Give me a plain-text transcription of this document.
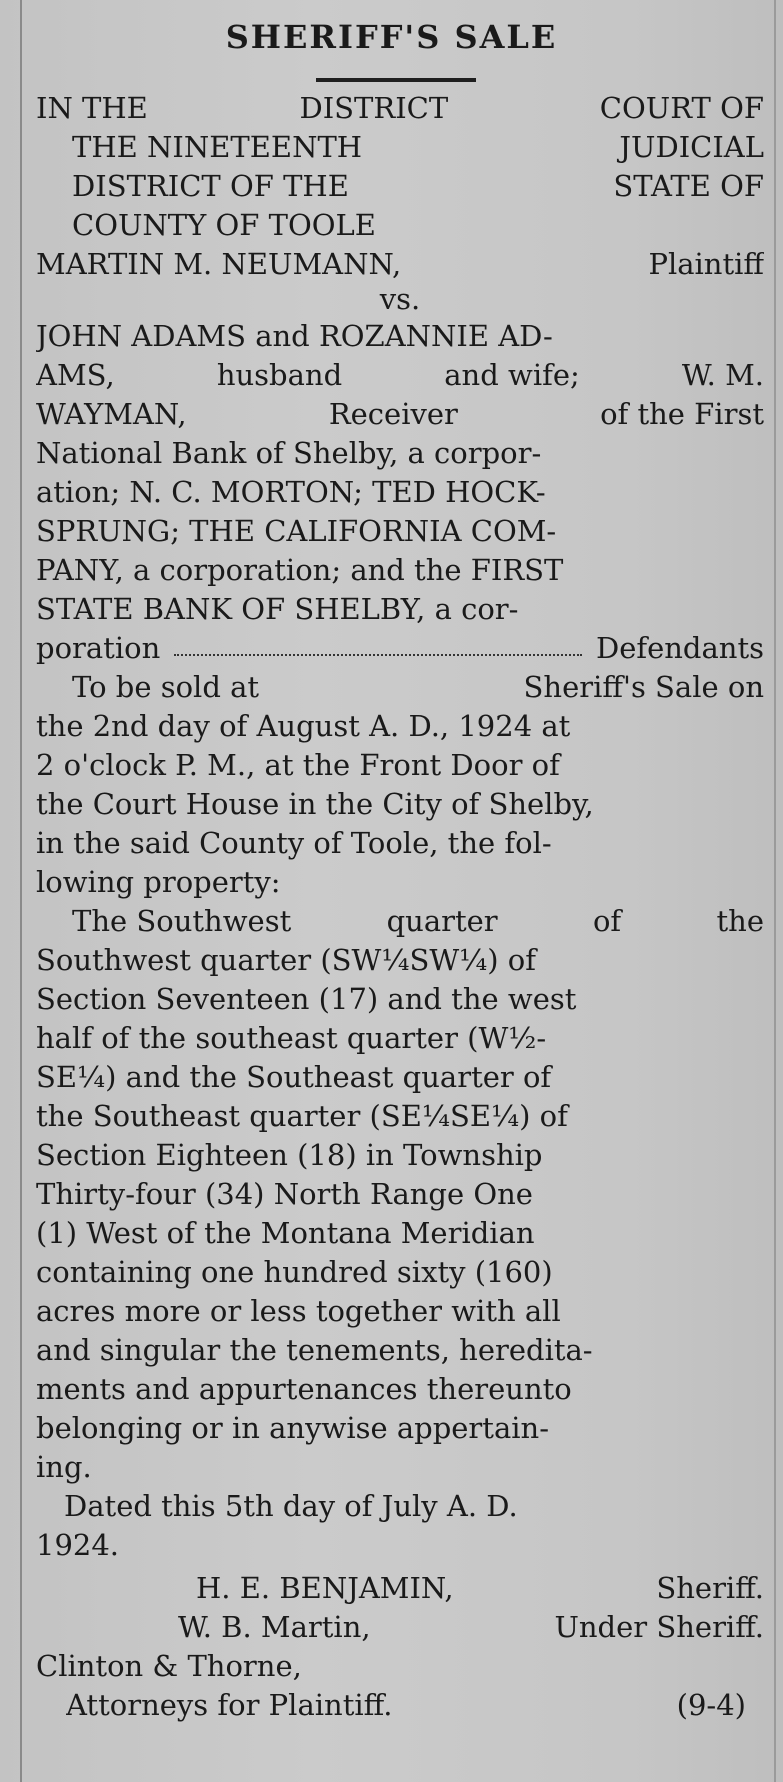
SHERIFF'S SALE
IN THE	DISTRICT	COURT OF
THE NINETEENTH	JUDICIAL
DISTRICT OF THE	STATE OF
COUNTY OF TOOLE
MARTIN M. NEUMANN,	Plaintiff
vs.
JOHN ADAMS and ROZANNIE AD-
AMS,	husband	and wife;	W. M.
WAYMAN,	Receiver	of the First
National Bank of Shelby, a corpor-
ation; N. C. MORTON; TED HOCK-
SPRUNG; THE CALIFORNIA COM-
PANY, a corporation; and the FIRST
STATE BANK OF SHELBY, a cor-
poration	Defendants
To be sold at	Sheriff's Sale on
the 2nd day of August A. D., 1924 at
2 o'clock P. M., at the Front Door of
the Court House in the City of Shelby,
in the said County of Toole, the fol-
lowing property:
The Southwest	quarter	of	the
Southwest quarter (SW¼SW¼) of
Section Seventeen (17) and the west
half of the southeast quarter (W½-
SE¼) and the Southeast quarter of
the Southeast quarter (SE¼SE¼) of
Section Eighteen (18) in Township
Thirty-four (34) North Range One
(1) West of the Montana Meridian
containing one hundred sixty (160)
acres more or less together with all
and singular the tenements, heredita-
ments and appurtenances thereunto
belonging or in anywise appertain-
ing.
Dated this 5th day of July A. D.
1924.
H. E. BENJAMIN,	Sheriff.
W. B. Martin,	Under Sheriff.
Clinton & Thorne,
Attorneys for Plaintiff.	(9-4)
